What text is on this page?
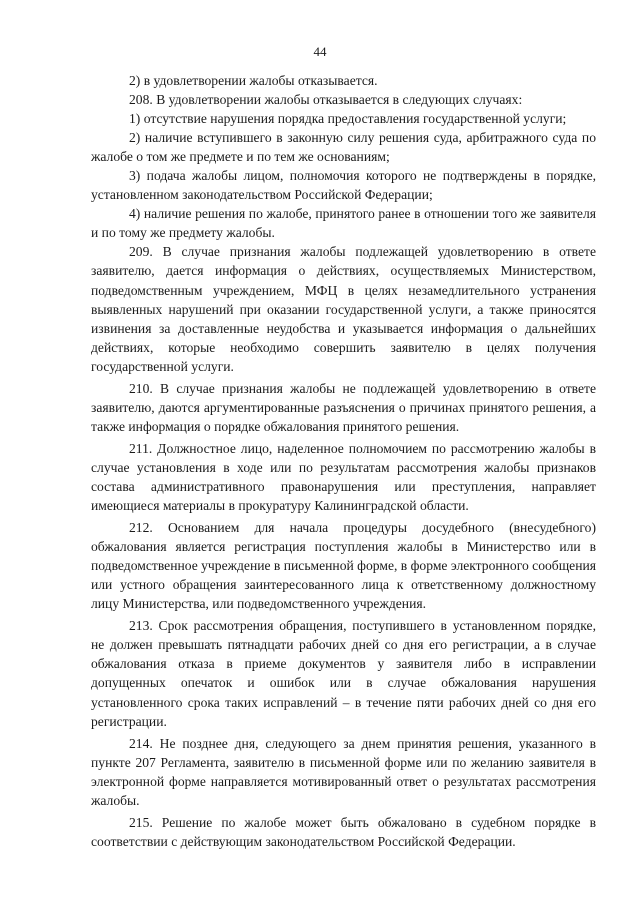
44

2) в удовлетворении жалобы отказывается.

208. В удовлетворении жалобы отказывается в следующих случаях:

1) отсутствие нарушения порядка предоставления государственной услуги;

2) наличие вступившего в законную силу решения суда, арбитражного суда по жалобе о том же предмете и по тем же основаниям;

3) подача жалобы лицом, полномочия которого не подтверждены в порядке, установленном законодательством Российской Федерации;

4) наличие решения по жалобе, принятого ранее в отношении того же заявителя и по тому же предмету жалобы.

209. В случае признания жалобы подлежащей удовлетворению в ответе заявителю, дается информация о действиях, осуществляемых Министерством, подведомственным учреждением, МФЦ в целях незамедлительного устранения выявленных нарушений при оказании государственной услуги, а также приносятся извинения за доставленные неудобства и указывается информация о дальнейших действиях, которые необходимо совершить заявителю в целях получения государственной услуги.

210. В случае признания жалобы не подлежащей удовлетворению в ответе заявителю, даются аргументированные разъяснения о причинах принятого решения, а также информация о порядке обжалования принятого решения.

211. Должностное лицо, наделенное полномочием по рассмотрению жалобы в случае установления в ходе или по результатам рассмотрения жалобы признаков состава административного правонарушения или преступления, направляет имеющиеся материалы в прокуратуру Калининградской области.

212. Основанием для начала процедуры досудебного (внесудебного) обжалования является регистрация поступления жалобы в Министерство или в подведомственное учреждение в письменной форме, в форме электронного сообщения или устного обращения заинтересованного лица к ответственному должностному лицу Министерства, или подведомственного учреждения.

213. Срок рассмотрения обращения, поступившего в установленном порядке, не должен превышать пятнадцати рабочих дней со дня его регистрации, а в случае обжалования отказа в приеме документов у заявителя либо в исправлении допущенных опечаток и ошибок или в случае обжалования нарушения установленного срока таких исправлений – в течение пяти рабочих дней со дня его регистрации.

214. Не позднее дня, следующего за днем принятия решения, указанного в пункте 207 Регламента, заявителю в письменной форме или по желанию заявителя в электронной форме направляется мотивированный ответ о результатах рассмотрения жалобы.

215. Решение по жалобе может быть обжаловано в судебном порядке в соответствии с действующим законодательством Российской Федерации.
